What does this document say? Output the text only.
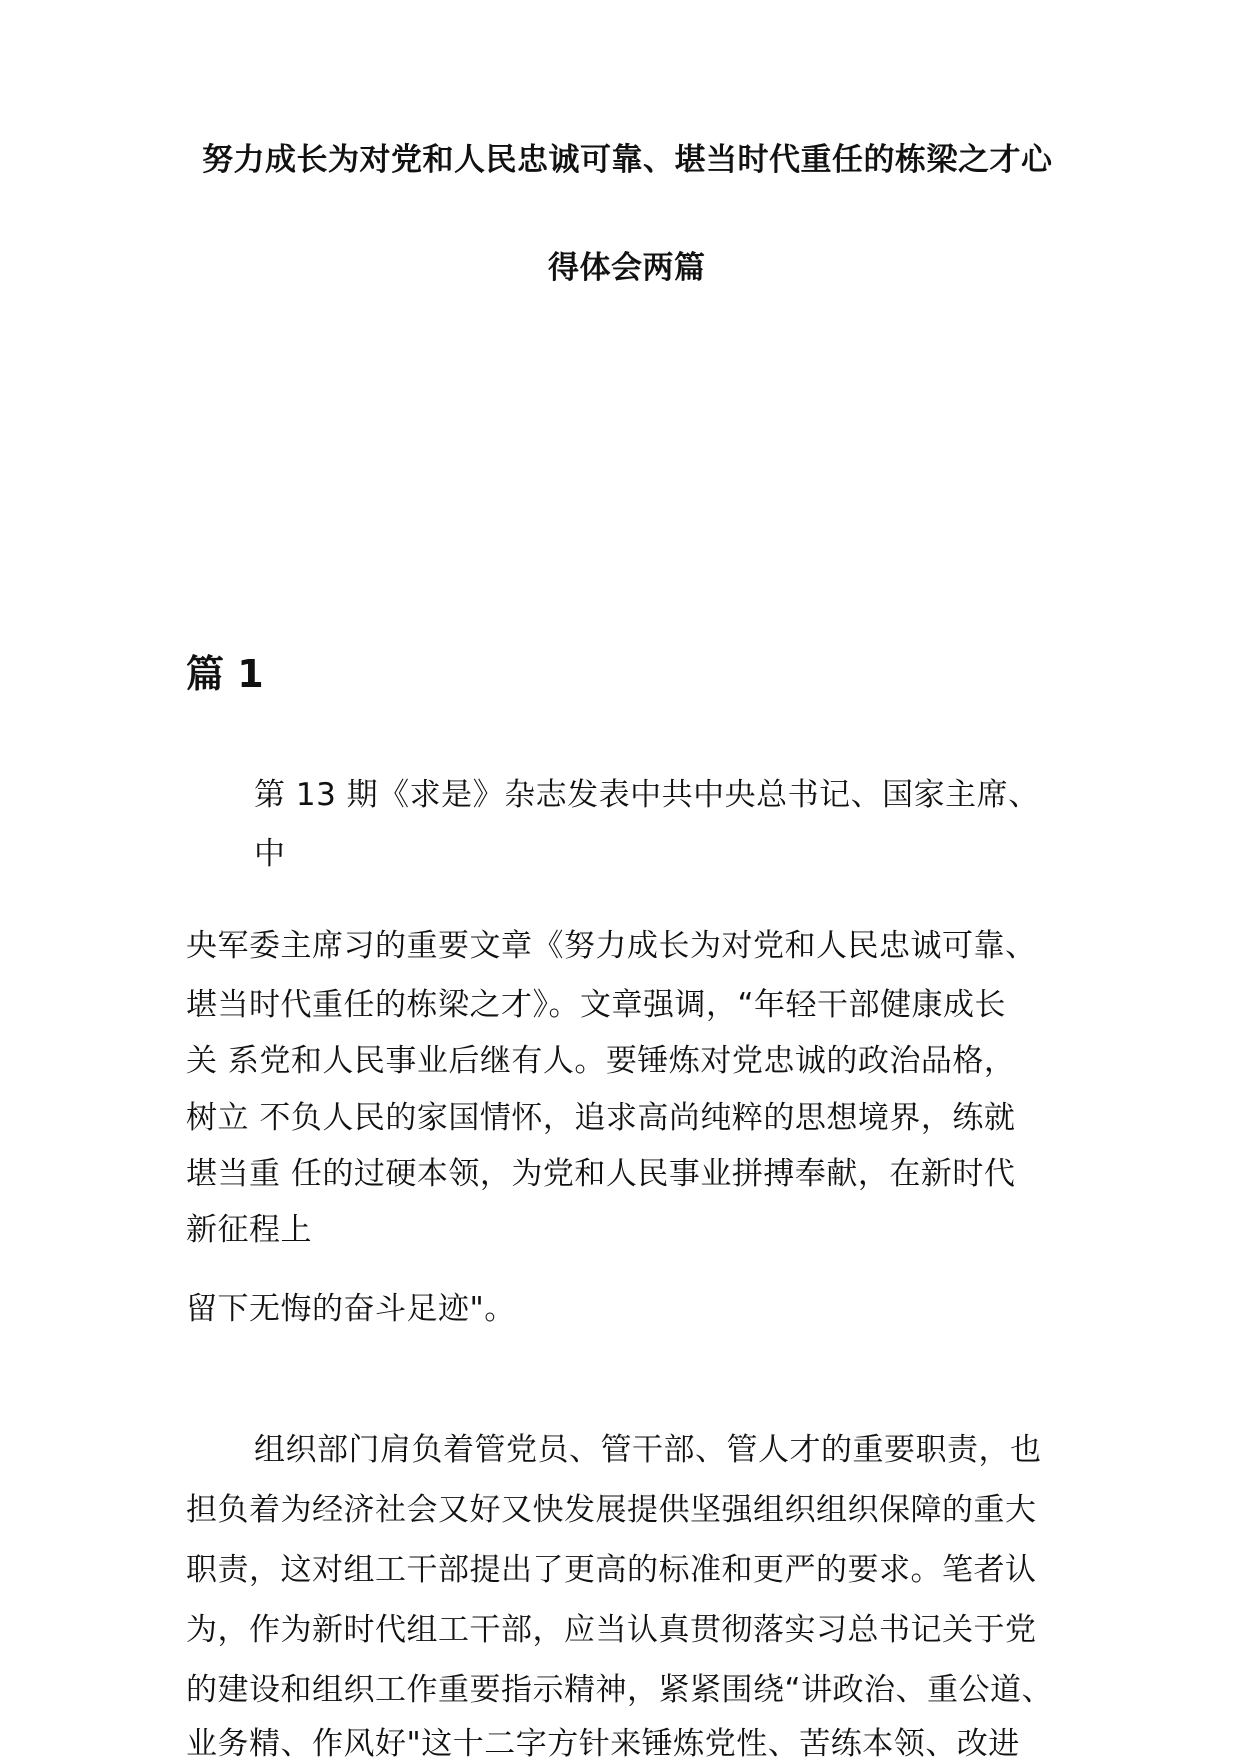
努力成长为对党和人民忠诚可靠、堪当时代重任的栋梁之才心
得体会两篇
篇 1
第 13 期《求是》杂志发表中共中央总书记、国家主席、
中
央军委主席习的重要文章《努力成长为对党和人民忠诚可靠、
堪当时代重任的栋梁之才》。文章强调，“年轻干部健康成长
关 系党和人民事业后继有人。要锤炼对党忠诚的政治品格，
树立 不负人民的家国情怀，追求高尚纯粹的思想境界，练就
堪当重 任的过硬本领，为党和人民事业拼搏奉献，在新时代
新征程上
留下无悔的奋斗足迹"。
组织部门肩负着管党员、管干部、管人才的重要职责，也
担负着为经济社会又好又快发展提供坚强组织组织保障的重大
职责，这对组工干部提出了更高的标准和更严的要求。笔者认
为，作为新时代组工干部，应当认真贯彻落实习总书记关于党
的建设和组织工作重要指示精神，紧紧围绕“讲政治、重公道、
业务精、作风好"这十二字方针来锤炼党性、苦练本领、改进
